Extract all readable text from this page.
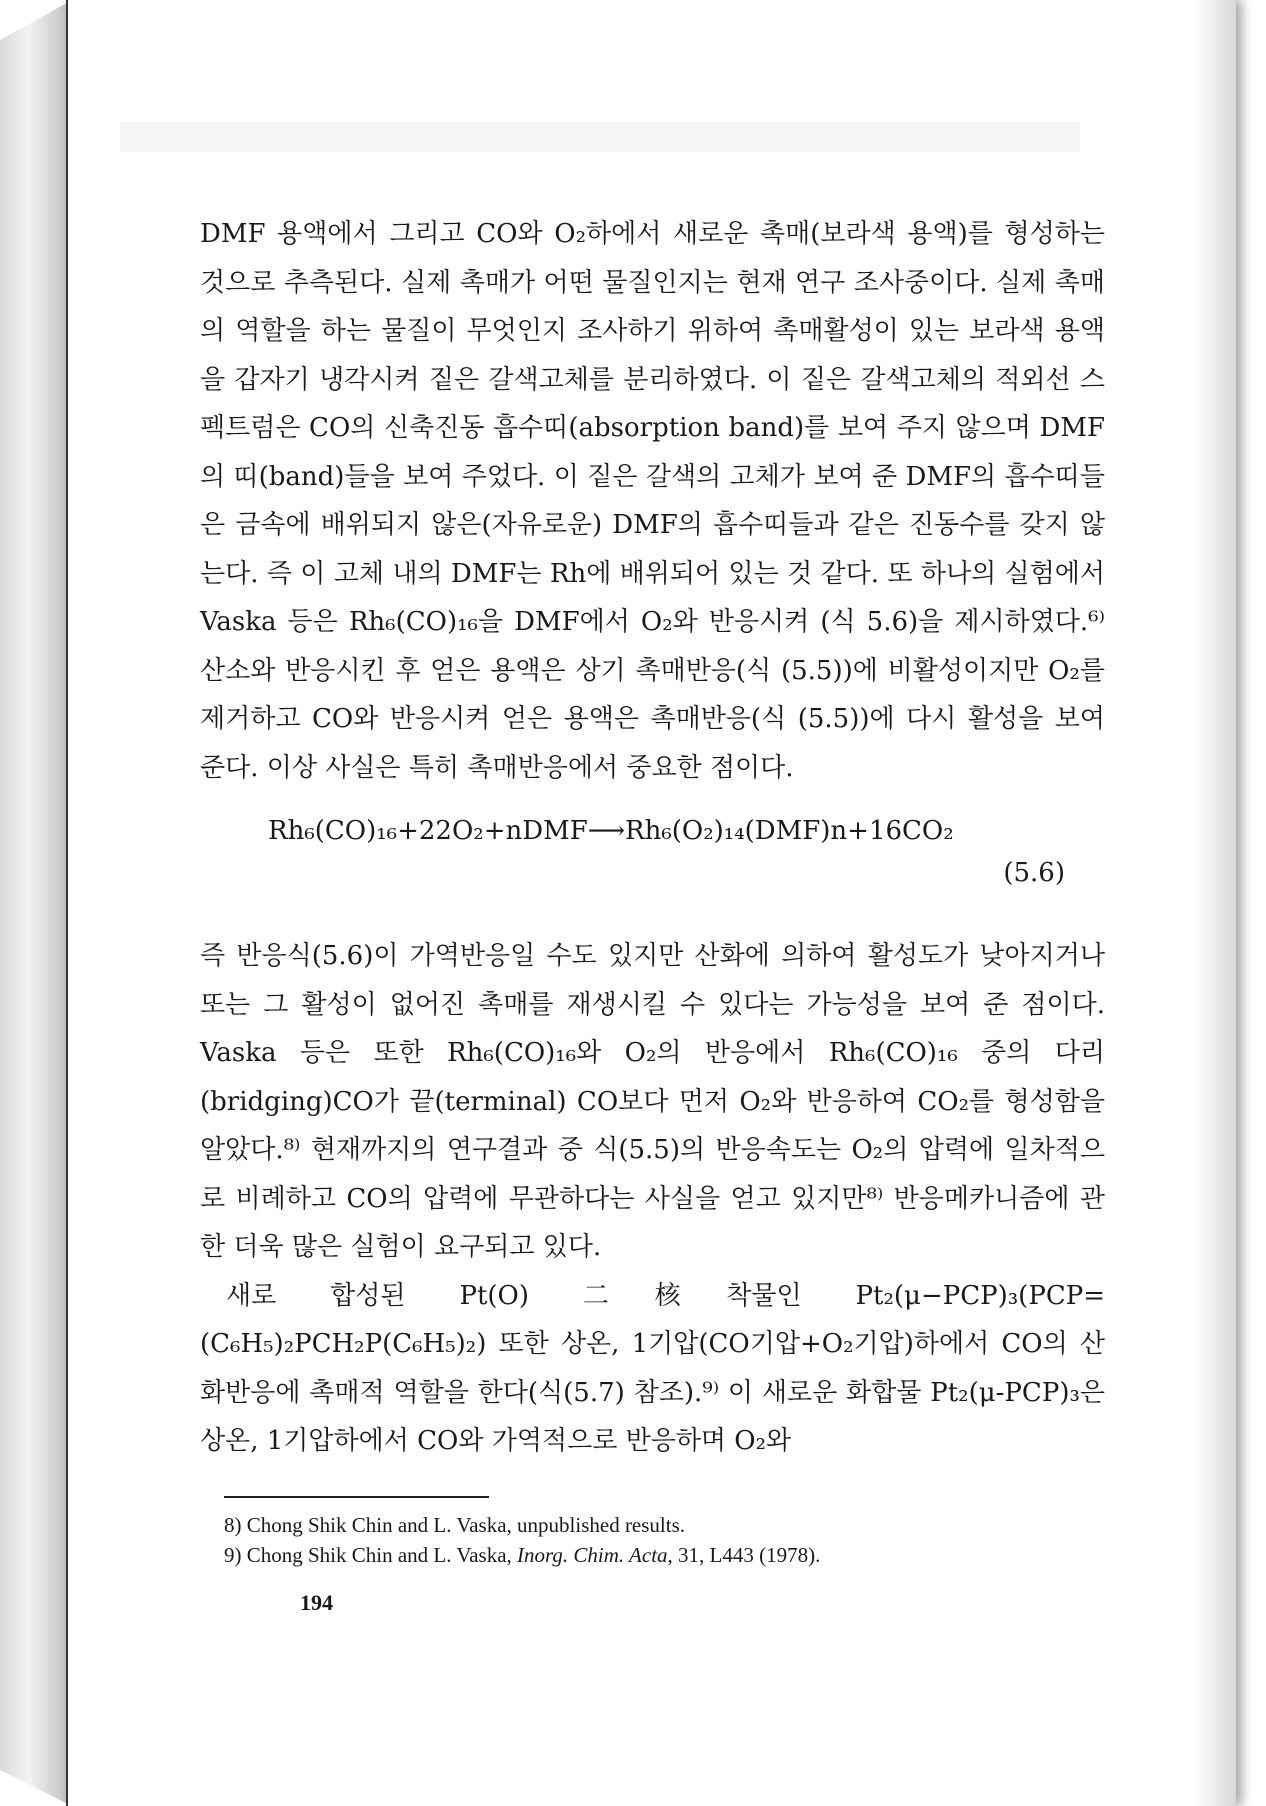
DMF 용액에서 그리고 CO와 O₂하에서 새로운 촉매(보라색 용액)를 형성하는 것으로 추측된다. 실제 촉매가 어떤 물질인지는 현재 연구 조사중이다. 실제 촉매의 역할을 하는 물질이 무엇인지 조사하기 위하여 촉매활성이 있는 보라색 용액을 갑자기 냉각시켜 짙은 갈색고체를 분리하였다. 이 짙은 갈색고체의 적외선 스펙트럼은 CO의 신축진동 흡수띠(absorption band)를 보여 주지 않으며 DMF의 띠(band)들을 보여 주었다. 이 짙은 갈색의 고체가 보여 준 DMF의 흡수띠들은 금속에 배위되지 않은(자유로운) DMF의 흡수띠들과 같은 진동수를 갖지 않는다. 즉 이 고체 내의 DMF는 Rh에 배위되어 있는 것 같다. 또 하나의 실험에서 Vaska 등은 Rh₆(CO)₁₆을 DMF에서 O₂와 반응시켜 (식 5.6)을 제시하였다.⁶⁾ 산소와 반응시킨 후 얻은 용액은 상기 촉매반응(식 (5.5))에 비활성이지만 O₂를 제거하고 CO와 반응시켜 얻은 용액은 촉매반응(식 (5.5))에 다시 활성을 보여 준다. 이상 사실은 특히 촉매반응에서 중요한 점이다.

Rh₆(CO)₁₆+22O₂+nDMF⟶Rh₆(O₂)₁₄(DMF)n+16CO₂
(5.6)

즉 반응식(5.6)이 가역반응일 수도 있지만 산화에 의하여 활성도가 낮아지거나 또는 그 활성이 없어진 촉매를 재생시킬 수 있다는 가능성을 보여 준 점이다. Vaska 등은 또한 Rh₆(CO)₁₆와 O₂의 반응에서 Rh₆(CO)₁₆ 중의 다리(bridging)CO가 끝(terminal) CO보다 먼저 O₂와 반응하여 CO₂를 형성함을 알았다.⁸⁾ 현재까지의 연구결과 중 식(5.5)의 반응속도는 O₂의 압력에 일차적으로 비례하고 CO의 압력에 무관하다는 사실을 얻고 있지만⁸⁾ 반응메카니즘에 관한 더욱 많은 실험이 요구되고 있다.

새로 합성된 Pt(O) 二核착물인 Pt₂(μ−PCP)₃(PCP=(C₆H₅)₂PCH₂P(C₆H₅)₂) 또한 상온, 1기압(CO기압+O₂기압)하에서 CO의 산화반응에 촉매적 역할을 한다(식(5.7) 참조).⁹⁾ 이 새로운 화합물 Pt₂(μ-PCP)₃은 상온, 1기압하에서 CO와 가역적으로 반응하며 O₂와

8) Chong Shik Chin and L. Vaska, unpublished results.

9) Chong Shik Chin and L. Vaska, Inorg. Chim. Acta, 31, L443 (1978).

194
